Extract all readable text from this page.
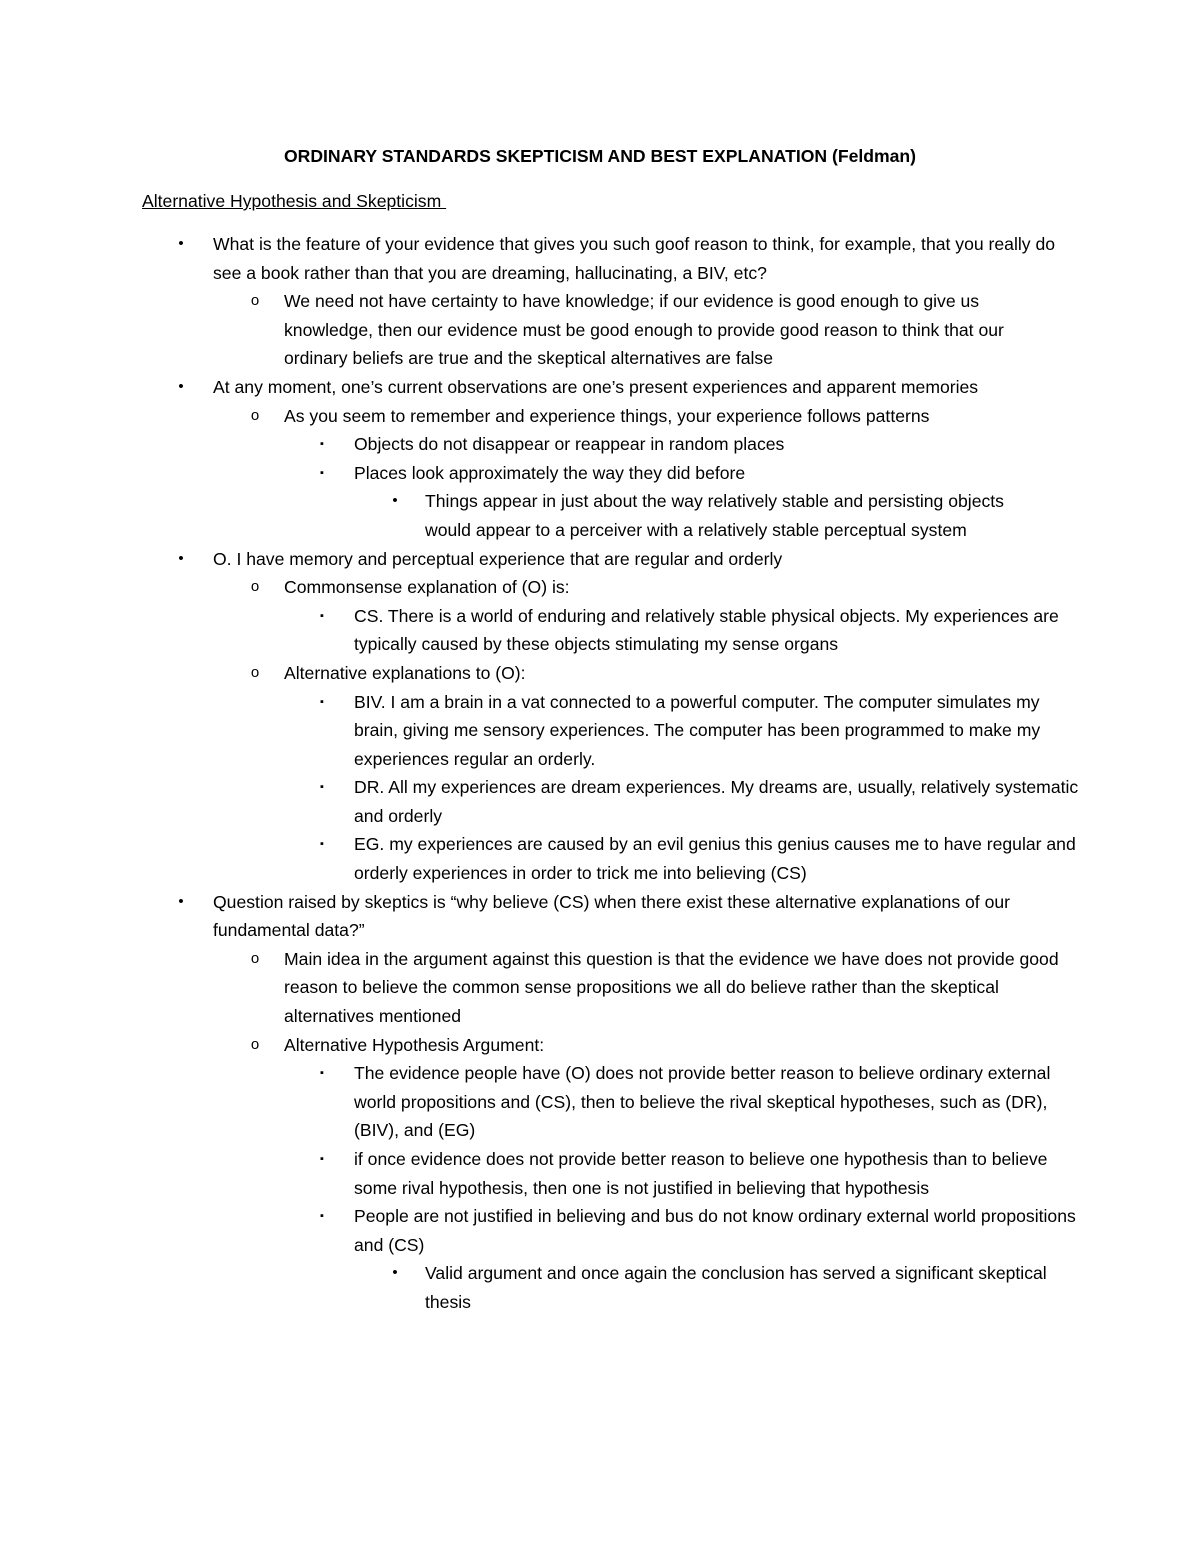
ORDINARY STANDARDS SKEPTICISM AND BEST EXPLANATION (Feldman)
Alternative Hypothesis and Skepticism
•	What is the feature of your evidence that gives you such goof reason to think, for example, that you really do see a book rather than that you are dreaming, hallucinating, a BIV, etc?
o	We need not have certainty to have knowledge; if our evidence is good enough to give us knowledge, then our evidence must be good enough to provide good reason to think that our ordinary beliefs are true and the skeptical alternatives are false
•	At any moment, one’s current observations are one’s present experiences and apparent memories
o	As you seem to remember and experience things, your experience follows patterns
▪	Objects do not disappear or reappear in random places
▪	Places look approximately the way they did before
•	Things appear in just about the way relatively stable and persisting objects would appear to a perceiver with a relatively stable perceptual system
•	O. I have memory and perceptual experience that are regular and orderly
o	Commonsense explanation of (O) is:
▪	CS. There is a world of enduring and relatively stable physical objects. My experiences are typically caused by these objects stimulating my sense organs
o	Alternative explanations to (O):
▪	BIV. I am a brain in a vat connected to a powerful computer. The computer simulates my brain, giving me sensory experiences. The computer has been programmed to make my experiences regular an orderly.
▪	DR. All my experiences are dream experiences. My dreams are, usually, relatively systematic and orderly
▪	EG. my experiences are caused by an evil genius this genius causes me to have regular and orderly experiences in order to trick me into believing (CS)
•	Question raised by skeptics is “why believe (CS) when there exist these alternative explanations of our fundamental data?”
o	Main idea in the argument against this question is that the evidence we have does not provide good reason to believe the common sense propositions we all do believe rather than the skeptical alternatives mentioned
o	Alternative Hypothesis Argument:
▪	The evidence people have (O) does not provide better reason to believe ordinary external world propositions and (CS), then to believe the rival skeptical hypotheses, such as (DR), (BIV), and (EG)
▪	if once evidence does not provide better reason to believe one hypothesis than to believe some rival hypothesis, then one is not justified in believing that hypothesis
▪	People are not justified in believing and bus do not know ordinary external world propositions and (CS)
•	Valid argument and once again the conclusion has served a significant skeptical thesis
